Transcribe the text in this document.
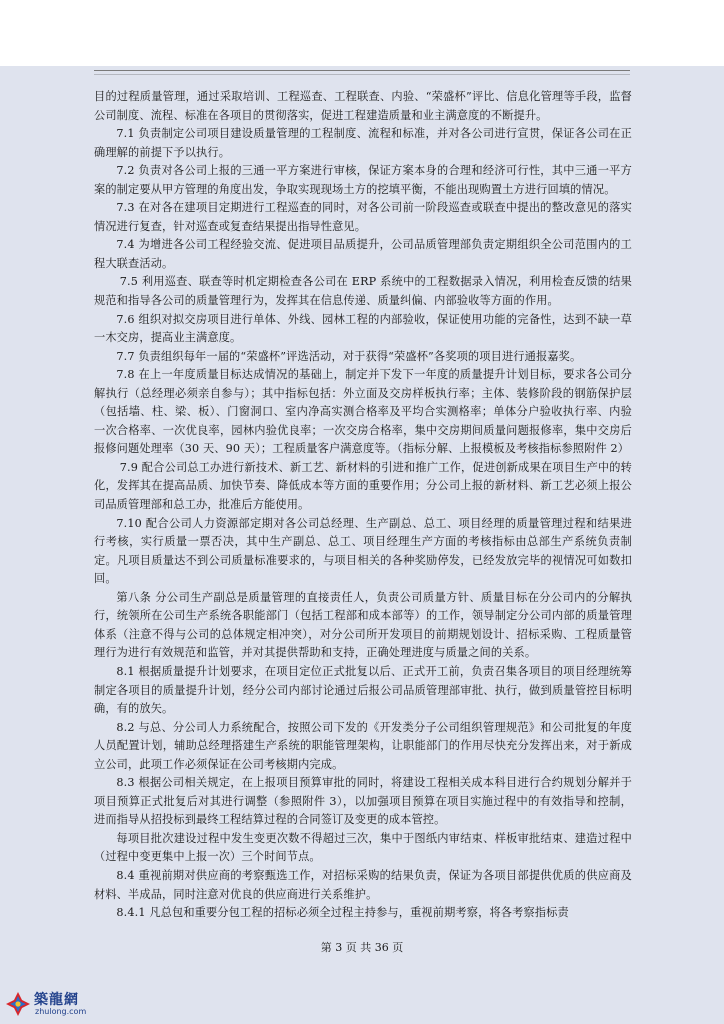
目的过程质量管理，通过采取培训、工程巡查、工程联查、内验、“荣盛杯”评比、信息化管理等手段，监督公司制度、流程、标准在各项目的贯彻落实，促进工程建造质量和业主满意度的不断提升。

7.1 负责制定公司项目建设质量管理的工程制度、流程和标准，并对各公司进行宣贯，保证各公司在正确理解的前提下予以执行。

7.2 负责对各公司上报的三通一平方案进行审核，保证方案本身的合理和经济可行性，其中三通一平方案的制定要从甲方管理的角度出发，争取实现现场土方的挖填平衡，不能出现购置土方进行回填的情况。

7.3 在对各在建项目定期进行工程巡查的同时，对各公司前一阶段巡查或联查中提出的整改意见的落实情况进行复查，针对巡查或复查结果提出指导性意见。

7.4 为增进各公司工程经验交流、促进项目品质提升，公司品质管理部负责定期组织全公司范围内的工程大联查活动。

7.5 利用巡查、联查等时机定期检查各公司在 ERP 系统中的工程数据录入情况，利用检查反馈的结果规范和指导各公司的质量管理行为，发挥其在信息传递、质量纠偏、内部验收等方面的作用。

7.6 组织对拟交房项目进行单体、外线、园林工程的内部验收，保证使用功能的完备性，达到不缺一草一木交房，提高业主满意度。

7.7 负责组织每年一届的“荣盛杯”评选活动，对于获得“荣盛杯”各奖项的项目进行通报嘉奖。

7.8 在上一年度质量目标达成情况的基础上，制定并下发下一年度的质量提升计划目标，要求各公司分解执行（总经理必须亲自参与）；其中指标包括：外立面及交房样板执行率；主体、装修阶段的钢筋保护层（包括墙、柱、梁、板）、门窗洞口、室内净高实测合格率及平均合实测格率；单体分户验收执行率、内验一次合格率、一次优良率，园林内验优良率；一次交房合格率，集中交房期间质量问题报修率，集中交房后报修问题处理率（30 天、90 天）；工程质量客户满意度等。（指标分解、上报模板及考核指标参照附件 2）

7.9 配合公司总工办进行新技术、新工艺、新材料的引进和推广工作，促进创新成果在项目生产中的转化，发挥其在提高品质、加快节奏、降低成本等方面的重要作用；分公司上报的新材料、新工艺必须上报公司品质管理部和总工办，批准后方能使用。

7.10 配合公司人力资源部定期对各公司总经理、生产副总、总工、项目经理的质量管理过程和结果进行考核，实行质量一票否决，其中生产副总、总工、项目经理生产方面的考核指标由总部生产系统负责制定。凡项目质量达不到公司质量标准要求的，与项目相关的各种奖励停发，已经发放完毕的视情况可如数扣回。

第八条 分公司生产副总是质量管理的直接责任人，负责公司质量方针、质量目标在分公司内的分解执行，统领所在公司生产系统各职能部门（包括工程部和成本部等）的工作，领导制定分公司内部的质量管理体系（注意不得与公司的总体规定相冲突），对分公司所开发项目的前期规划设计、招标采购、工程质量管理行为进行有效规范和监管，并对其提供帮助和支持，正确处理进度与质量之间的关系。

8.1 根据质量提升计划要求，在项目定位正式批复以后、正式开工前，负责召集各项目的项目经理统筹制定各项目的质量提升计划，经分公司内部讨论通过后报公司品质管理部审批、执行，做到质量管控目标明确，有的放矢。

8.2 与总、分公司人力系统配合，按照公司下发的《开发类分子公司组织管理规范》和公司批复的年度人员配置计划，辅助总经理搭建生产系统的职能管理架构，让职能部门的作用尽快充分发挥出来，对于新成立公司，此项工作必须保证在公司考核期内完成。

8.3 根据公司相关规定，在上报项目预算审批的同时，将建设工程相关成本科目进行合约规划分解并于项目预算正式批复后对其进行调整（参照附件 3），以加强项目预算在项目实施过程中的有效指导和控制，进而指导从招投标到最终工程结算过程的合同签订及变更的成本管控。

每项目批次建设过程中发生变更次数不得超过三次，集中于图纸内审结束、样板审批结束、建造过程中（过程中变更集中上报一次）三个时间节点。

8.4 重视前期对供应商的考察甄选工作，对招标采购的结果负责，保证为各项目部提供优质的供应商及材料、半成品，同时注意对优良的供应商进行关系维护。

8.4.1 凡总包和重要分包工程的招标必须全过程主持参与，重视前期考察，将各考察指标责

第 3 页 共 36 页
築龍網
zhulong.com
